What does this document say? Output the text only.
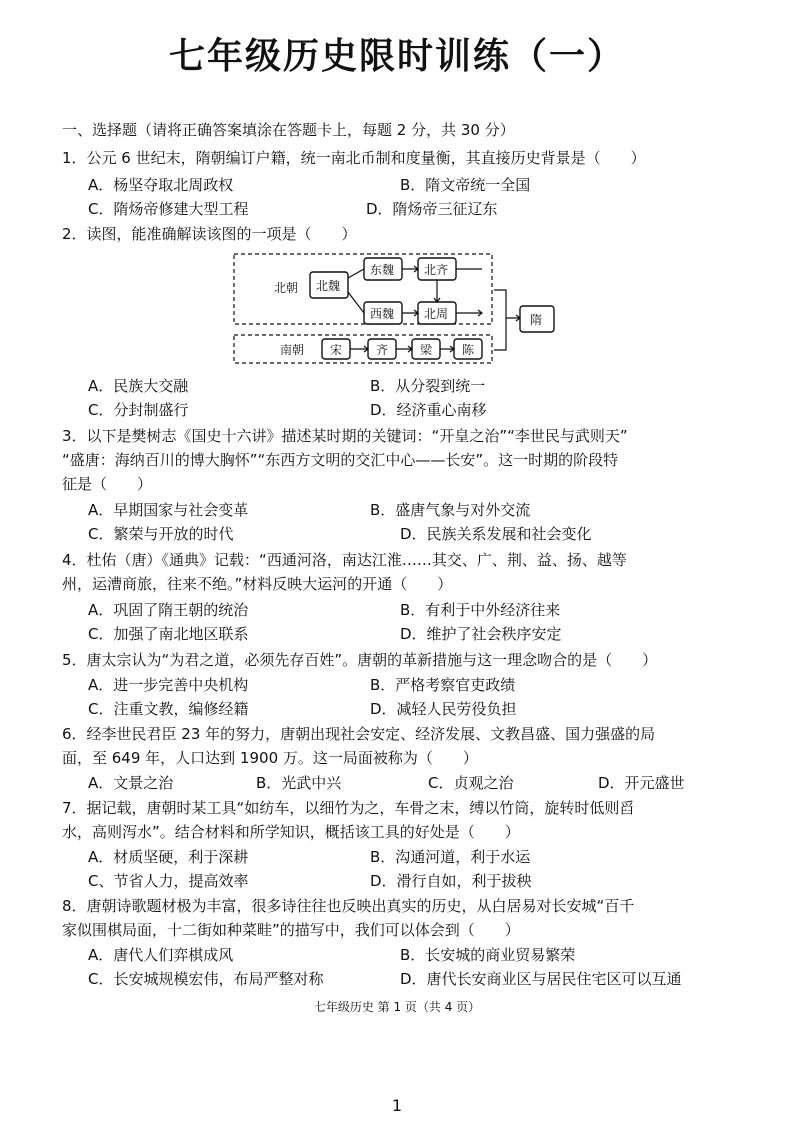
七年级历史限时训练（一）
一、选择题（请将正确答案填涂在答题卡上，每题 2 分，共 30 分）
1．公元 6 世纪末，隋朝编订户籍，统一南北币制和度量衡，其直接历史背景是（　　）
A．杨坚夺取北周政权	B．隋文帝统一全国
C．隋炀帝修建大型工程	D．隋炀帝三征辽东
2．读图，能准确解读该图的一项是（　　）
北朝 北魏
东魏 北齐
西魏 北周
南朝 宋	齐	梁 陈
隋
A．民族大交融	B．从分裂到统一
C．分封制盛行	D．经济重心南移
3．以下是樊树志《国史十六讲》描述某时期的关键词：“开皇之治”“李世民与武则天”
“盛唐：海纳百川的博大胸怀”“东西方文明的交汇中心——长安”。这一时期的阶段特
征是（　　）
A．早期国家与社会变革	B．盛唐气象与对外交流
C．繁荣与开放的时代	D．民族关系发展和社会变化
4．杜佑（唐）《通典》记载：“西通河洛，南达江淮……其交、广、荆、益、扬、越等
州，运漕商旅，往来不绝。”材料反映大运河的开通（　　）
A．巩固了隋王朝的统治	B．有利于中外经济往来
C．加强了南北地区联系	D．维护了社会秩序安定
5．唐太宗认为“为君之道，必须先存百姓”。唐朝的革新措施与这一理念吻合的是（　　）
A．进一步完善中央机构	B．严格考察官吏政绩
C．注重文教，编修经籍	D．减轻人民劳役负担
6．经李世民君臣 23 年的努力，唐朝出现社会安定、经济发展、文教昌盛、国力强盛的局
面，至 649 年，人口达到 1900 万。这一局面被称为（　　）
A．文景之治	B．光武中兴	C．贞观之治	D．开元盛世
7．据记载，唐朝时某工具“如纺车，以细竹为之，车骨之末，缚以竹筒，旋转时低则舀
水，高则泻水”。结合材料和所学知识，概括该工具的好处是（　　）
A．材质坚硬，利于深耕	B．沟通河道，利于水运
C、节省人力，提高效率	D．滑行自如，利于拔秧
8．唐朝诗歌题材极为丰富，很多诗往往也反映出真实的历史，从白居易对长安城“百千
家似围棋局面，十二街如种菜畦”的描写中，我们可以体会到（　　）
A．唐代人们弈棋成风	B．长安城的商业贸易繁荣
C．长安城规模宏伟，布局严整对称	D．唐代长安商业区与居民住宅区可以互通
七年级历史 第 1 页（共 4 页）
1
